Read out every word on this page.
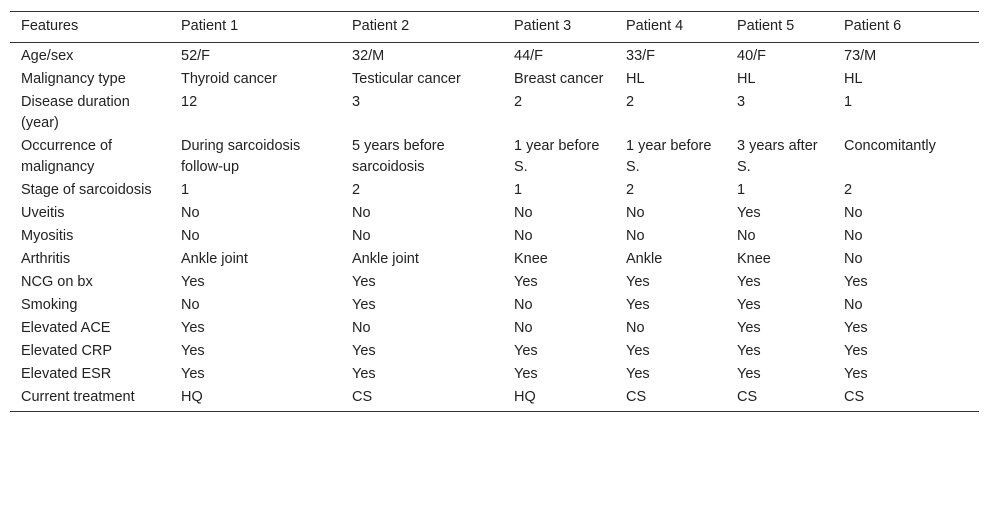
Features	Patient 1	Patient 2	Patient 3	Patient 4	Patient 5	Patient 6
Age/sex	52/F	32/M	44/F	33/F	40/F	73/M
Malignancy type	Thyroid cancer	Testicular cancer	Breast cancer	HL	HL	HL
Disease duration (year)	12	3	2	2	3	1
Occurrence of malignancy	During sarcoidosis follow-up	5 years before sarcoidosis	1 year before S.	1 year before S.	3 years after S.	Concomitantly
Stage of sarcoidosis	1	2	1	2	1	2
Uveitis	No	No	No	No	Yes	No
Myositis	No	No	No	No	No	No
Arthritis	Ankle joint	Ankle joint	Knee	Ankle	Knee	No
NCG on bx	Yes	Yes	Yes	Yes	Yes	Yes
Smoking	No	Yes	No	Yes	Yes	No
Elevated ACE	Yes	No	No	No	Yes	Yes
Elevated CRP	Yes	Yes	Yes	Yes	Yes	Yes
Elevated ESR	Yes	Yes	Yes	Yes	Yes	Yes
Current treatment	HQ	CS	HQ	CS	CS	CS
